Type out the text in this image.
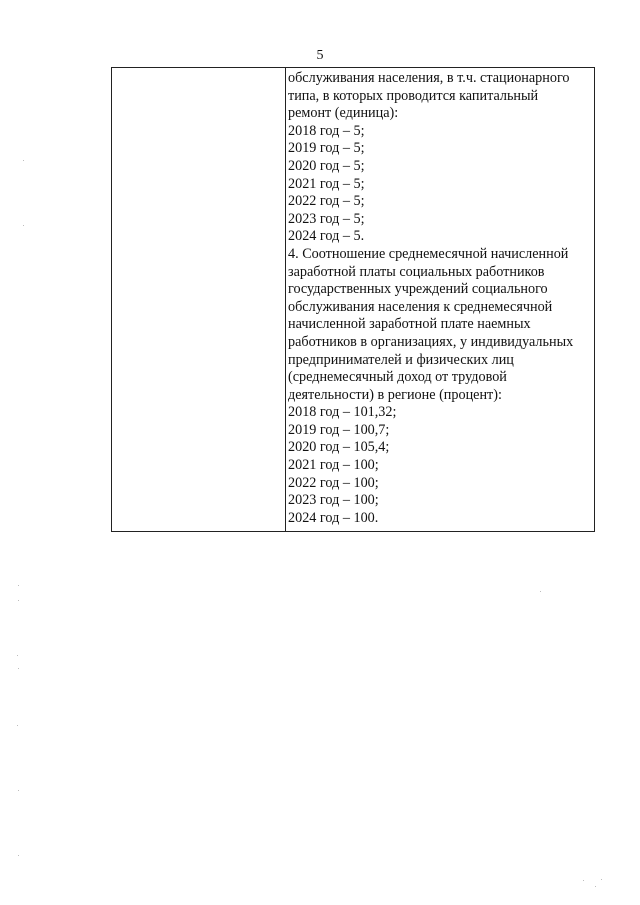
5
обслуживания населения, в т.ч. стационарного
типа, в которых проводится капитальный
ремонт (единица):
2018 год – 5;
2019 год – 5;
2020 год – 5;
2021 год – 5;
2022 год – 5;
2023 год – 5;
2024 год – 5.
4. Соотношение среднемесячной начисленной
заработной платы социальных работников
государственных учреждений социального
обслуживания населения к среднемесячной
начисленной заработной плате наемных
работников в организациях, у индивидуальных
предпринимателей и физических лиц
(среднемесячный доход от трудовой
деятельности) в регионе (процент):
2018 год – 101,32;
2019 год – 100,7;
2020 год – 105,4;
2021 год – 100;
2022 год – 100;
2023 год – 100;
2024 год – 100.
